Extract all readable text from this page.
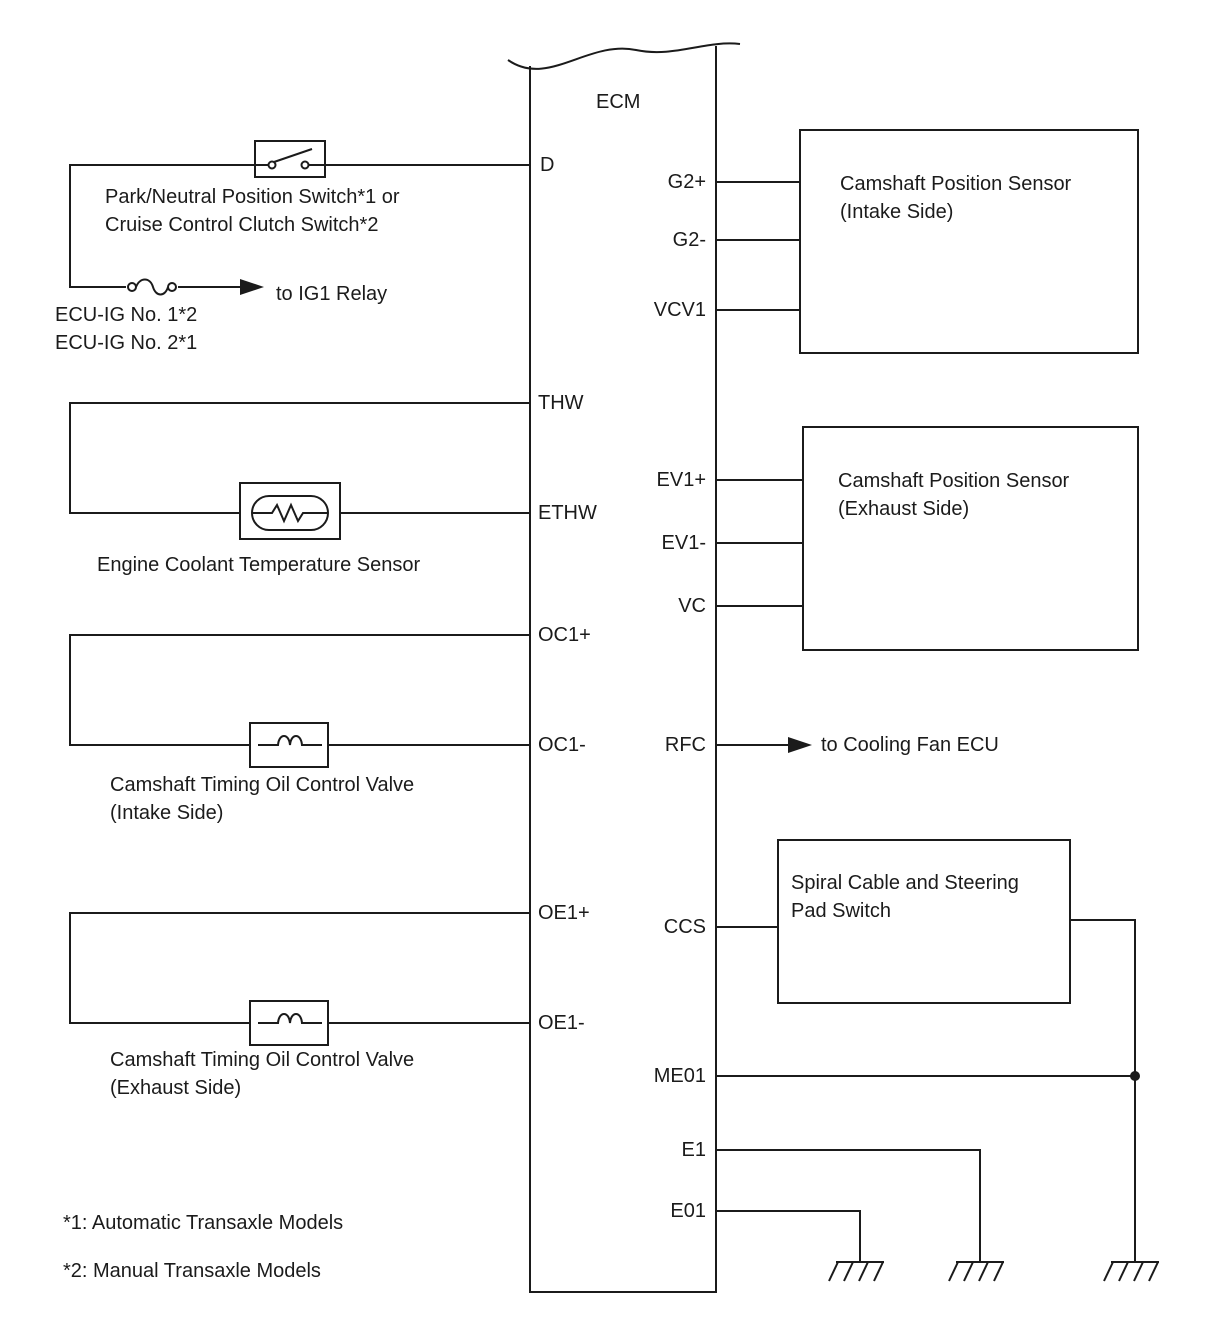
ECM
D
THW
ETHW
OC1+
OC1-
OE1+
OE1-
G2+
G2-
VCV1
EV1+
EV1-
VC
RFC
CCS
ME01
E1
E01
Park/Neutral Position Switch*1 or
Cruise Control Clutch Switch*2
to IG1 Relay
ECU-IG No. 1*2
ECU-IG No. 2*1
Engine Coolant Temperature Sensor
Camshaft Timing Oil Control Valve
(Intake Side)
Camshaft Timing Oil Control Valve
(Exhaust Side)
Camshaft Position Sensor
(Intake Side)
Camshaft Position Sensor
(Exhaust Side)
to Cooling Fan ECU
Spiral Cable and Steering
Pad Switch
*1: Automatic Transaxle Models
*2: Manual Transaxle Models
